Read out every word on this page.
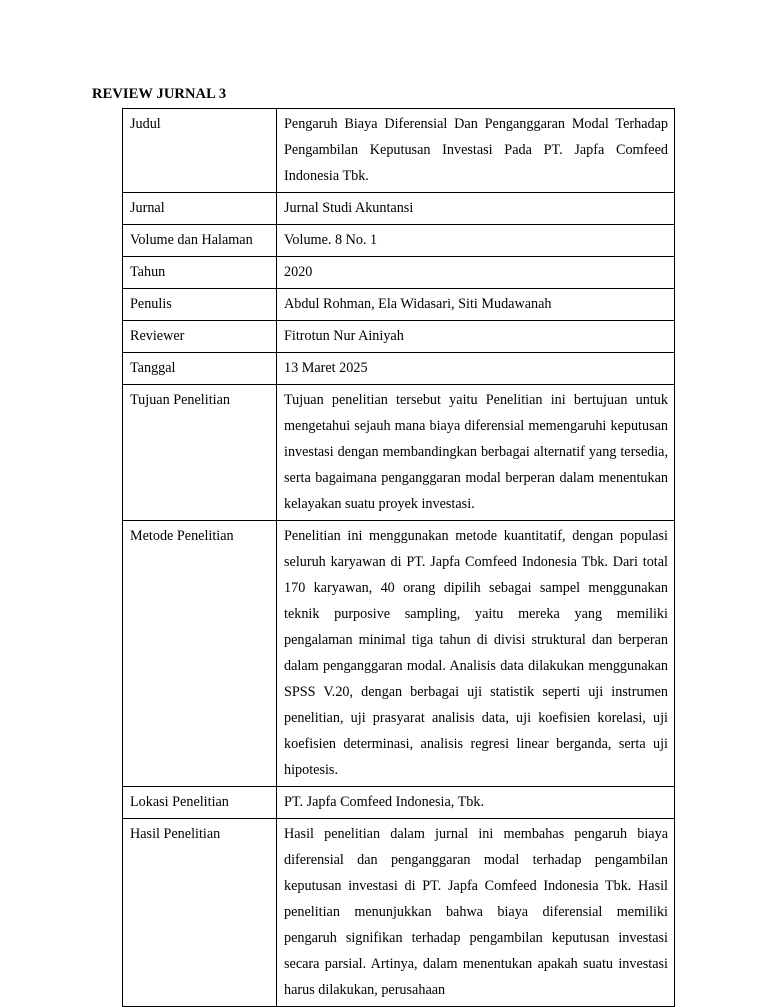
REVIEW JURNAL 3
Judul	Pengaruh Biaya Diferensial Dan Penganggaran Modal Terhadap Pengambilan Keputusan Investasi Pada PT. Japfa Comfeed Indonesia Tbk.
Jurnal	Jurnal Studi Akuntansi
Volume dan Halaman	Volume. 8 No. 1
Tahun	2020
Penulis	Abdul Rohman, Ela Widasari, Siti Mudawanah
Reviewer	Fitrotun Nur Ainiyah
Tanggal	13 Maret 2025
Tujuan Penelitian	Tujuan penelitian tersebut yaitu Penelitian ini bertujuan untuk mengetahui sejauh mana biaya diferensial memengaruhi keputusan investasi dengan membandingkan berbagai alternatif yang tersedia, serta bagaimana penganggaran modal berperan dalam menentukan kelayakan suatu proyek investasi.
Metode Penelitian	Penelitian ini menggunakan metode kuantitatif, dengan populasi seluruh karyawan di PT. Japfa Comfeed Indonesia Tbk. Dari total 170 karyawan, 40 orang dipilih sebagai sampel menggunakan teknik purposive sampling, yaitu mereka yang memiliki pengalaman minimal tiga tahun di divisi struktural dan berperan dalam penganggaran modal. Analisis data dilakukan menggunakan SPSS V.20, dengan berbagai uji statistik seperti uji instrumen penelitian, uji prasyarat analisis data, uji koefisien korelasi, uji koefisien determinasi, analisis regresi linear berganda, serta uji hipotesis.
Lokasi Penelitian	PT. Japfa Comfeed Indonesia, Tbk.
Hasil Penelitian	Hasil penelitian dalam jurnal ini membahas pengaruh biaya diferensial dan penganggaran modal terhadap pengambilan keputusan investasi di PT. Japfa Comfeed Indonesia Tbk. Hasil penelitian menunjukkan bahwa biaya diferensial memiliki pengaruh signifikan terhadap pengambilan keputusan investasi secara parsial. Artinya, dalam menentukan apakah suatu investasi harus dilakukan, perusahaan
